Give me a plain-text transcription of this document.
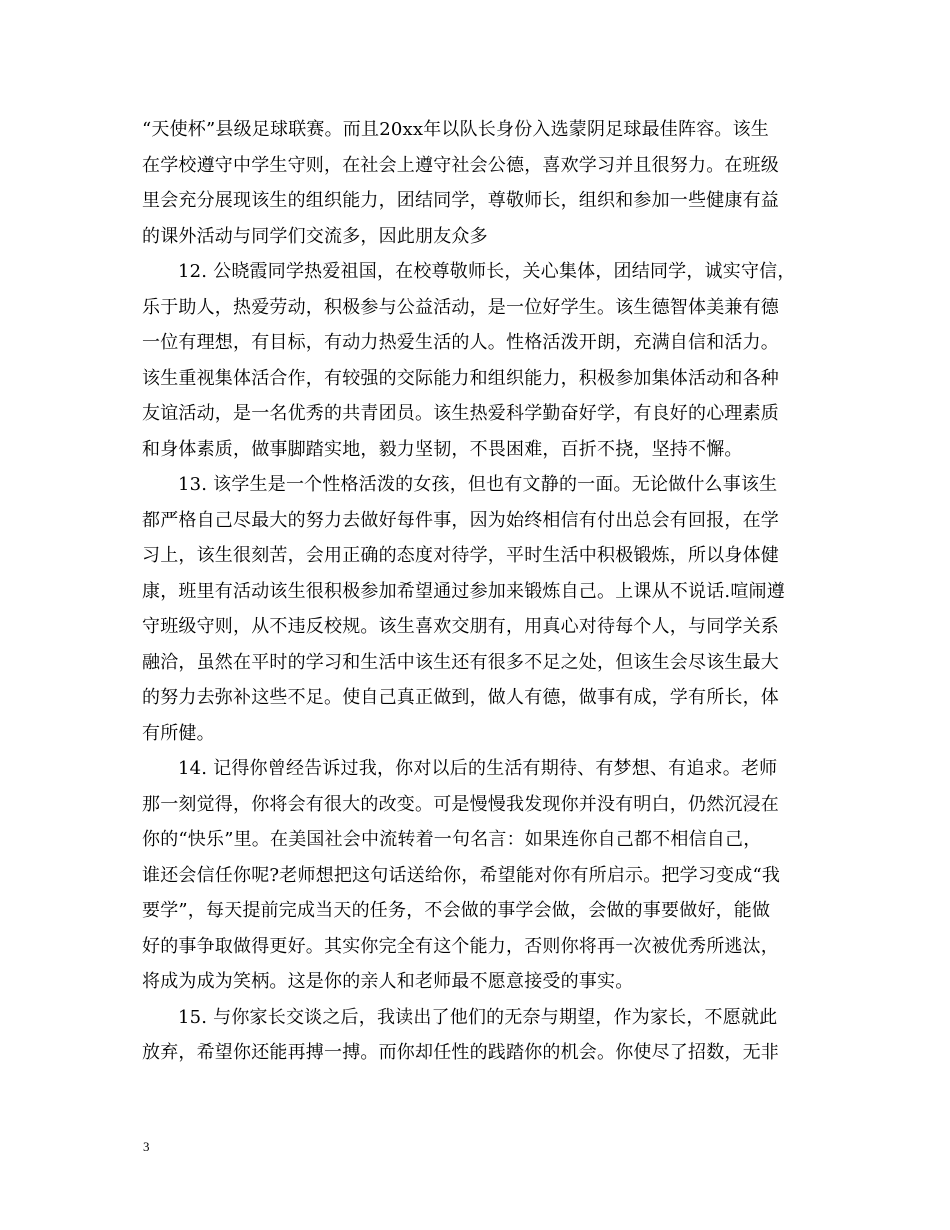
“天使杯”县级足球联赛。而且20xx年以队长身份入选蒙阴足球最佳阵容。该生
在学校遵守中学生守则，在社会上遵守社会公德，喜欢学习并且很努力。在班级
里会充分展现该生的组织能力，团结同学，尊敬师长，组织和参加一些健康有益
的课外活动与同学们交流多，因此朋友众多

12. 公晓霞同学热爱祖国，在校尊敬师长，关心集体，团结同学，诚实守信，
乐于助人，热爱劳动，积极参与公益活动，是一位好学生。该生德智体美兼有德
一位有理想，有目标，有动力热爱生活的人。性格活泼开朗，充满自信和活力。
该生重视集体活合作，有较强的交际能力和组织能力，积极参加集体活动和各种
友谊活动，是一名优秀的共青团员。该生热爱科学勤奋好学，有良好的心理素质
和身体素质，做事脚踏实地，毅力坚韧，不畏困难，百折不挠，坚持不懈。

13. 该学生是一个性格活泼的女孩，但也有文静的一面。无论做什么事该生
都严格自己尽最大的努力去做好每件事，因为始终相信有付出总会有回报，在学
习上，该生很刻苦，会用正确的态度对待学，平时生活中积极锻炼，所以身体健
康，班里有活动该生很积极参加希望通过参加来锻炼自己。上课从不说话.喧闹遵
守班级守则，从不违反校规。该生喜欢交朋有，用真心对待每个人，与同学关系
融洽，虽然在平时的学习和生活中该生还有很多不足之处，但该生会尽该生最大
的努力去弥补这些不足。使自己真正做到，做人有德，做事有成，学有所长，体
有所健。

14. 记得你曾经告诉过我，你对以后的生活有期待、有梦想、有追求。老师
那一刻觉得，你将会有很大的改变。可是慢慢我发现你并没有明白，仍然沉浸在
你的“快乐”里。在美国社会中流转着一句名言：如果连你自己都不相信自己，
谁还会信任你呢?老师想把这句话送给你，希望能对你有所启示。把学习变成“我
要学”，每天提前完成当天的任务，不会做的事学会做，会做的事要做好，能做
好的事争取做得更好。其实你完全有这个能力，否则你将再一次被优秀所逃汰，
将成为成为笑柄。这是你的亲人和老师最不愿意接受的事实。

15. 与你家长交谈之后，我读出了他们的无奈与期望，作为家长，不愿就此
放弃，希望你还能再搏一搏。而你却任性的践踏你的机会。你使尽了招数，无非

3
